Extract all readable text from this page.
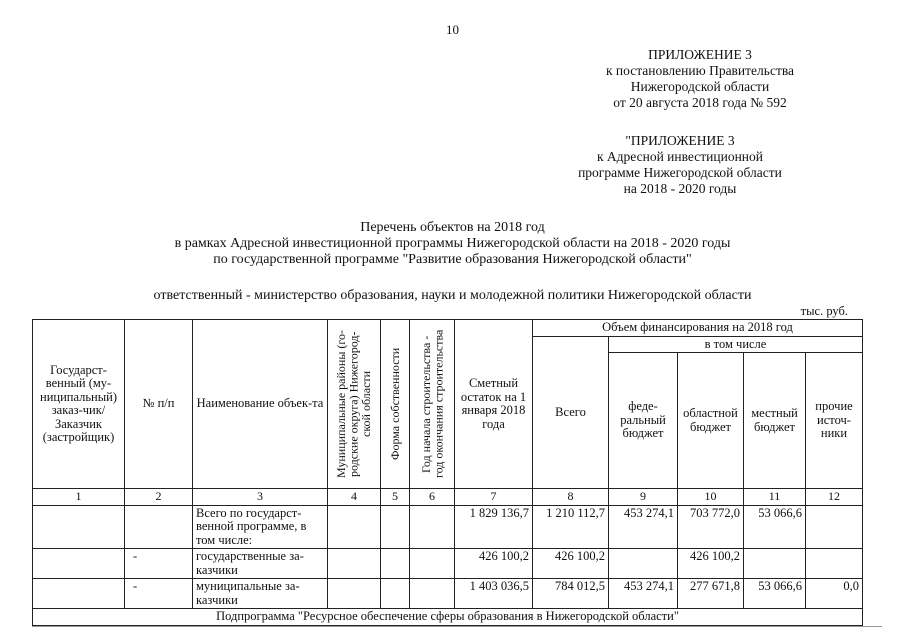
10
ПРИЛОЖЕНИЕ 3
к постановлению Правительства
Нижегородской области
от 20 августа 2018 года № 592
"ПРИЛОЖЕНИЕ 3
к Адресной инвестиционной
программе Нижегородской области
на 2018 - 2020 годы
Перечень объектов на 2018 год
в рамках Адресной инвестиционной программы Нижегородской области на 2018 - 2020 годы
по государственной программе "Развитие образования Нижегородской области"
ответственный - министерство образования, науки и молодежной политики Нижегородской области
тыс. руб.
Государст-венный (му-ниципальный) заказ-чик/Заказчик (застройщик)	№ п/п	Наименование объек-та	Муниципальные районы (го-родские округа) Нижегород-ской области	Форма собственности	Год начала строительства - год окончания строительства	Сметный остаток на 1 января 2018 года	Объем финансирования на 2018 год				
							Всего	в том числе			
								феде-ральный бюджет	областной бюджет	местный бюджет	прочие источ-ники
1	2	3	4	5	6	7	8	9	10	11	12
		Всего по государст-венной программе, в том числе:				1 829 136,7	1 210 112,7	453 274,1	703 772,0	53 066,6	
	-	государственные за-казчики				426 100,2	426 100,2		426 100,2		
	-	муниципальные за-казчики				1 403 036,5	784 012,5	453 274,1	277 671,8	53 066,6	0,0
Подпрограмма "Ресурсное обеспечение сферы образования в Нижегородской области"											
